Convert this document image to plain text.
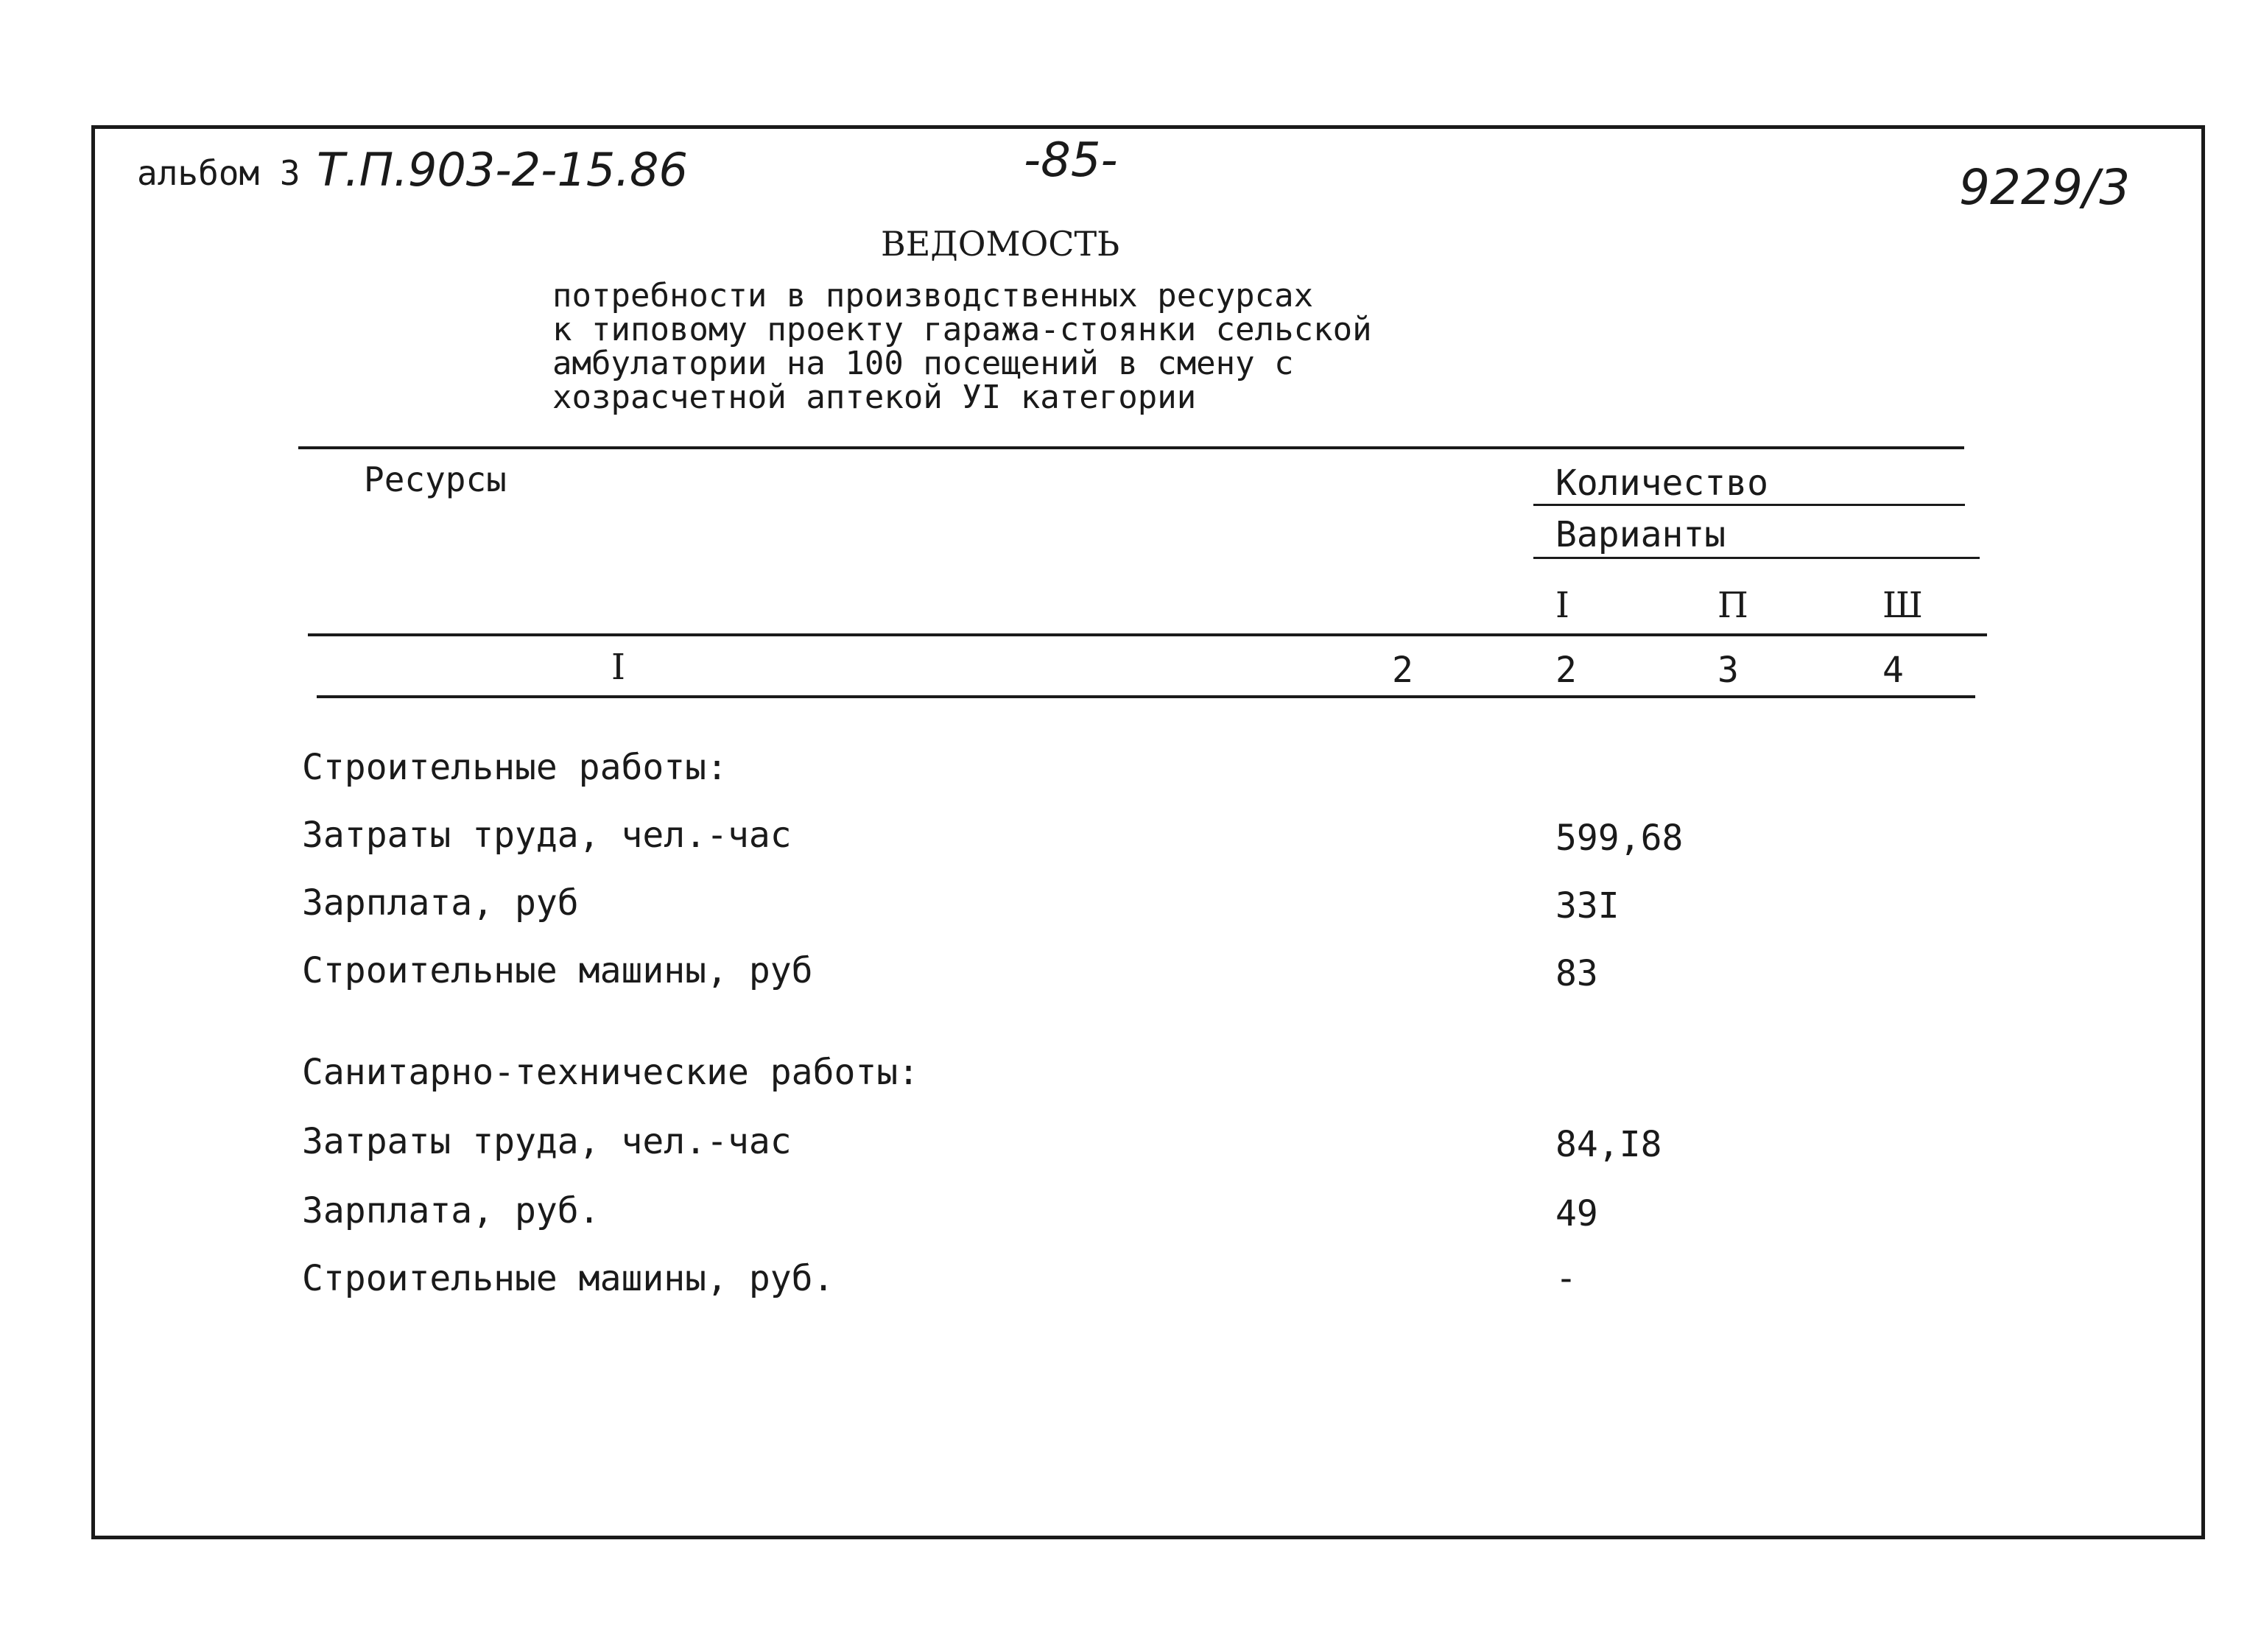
альбом 3 Т.П.903-2-15.86	-85-	9229/3
ВЕДОМОСТЬ
потребности в производственных ресурсах
к типовому проекту гаража-стоянки сельской
амбулатории на 100 посещений в смену с
хозрасчетной аптекой УI категории
Ресурсы	Количество
Варианты
I	П	Ш
I	2	2	3	4
Строительные работы:
Затраты труда, чел.-час	599,68
Зарплата, руб	33I
Строительные машины, руб	83
Санитарно-технические работы:
Затраты труда, чел.-час	84,I8
Зарплата, руб.	49
Строительные машины, руб.	-
